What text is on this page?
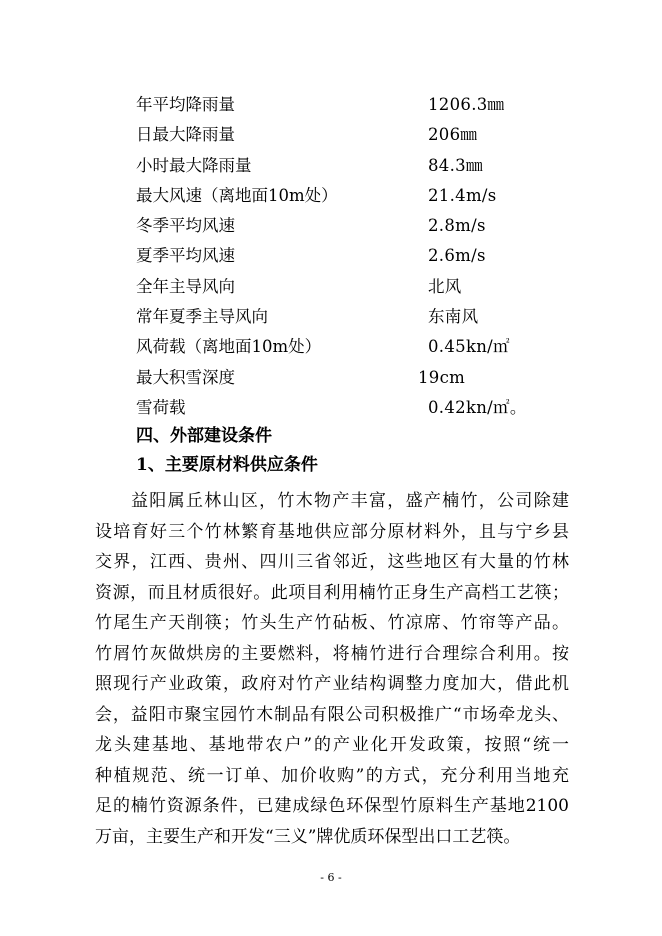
年平均降雨量	1206.3㎜
日最大降雨量	206㎜
小时最大降雨量	84.3㎜
最大风速（离地面10m处）	21.4m/s
冬季平均风速	2.8m/s
夏季平均风速	2.6m/s
全年主导风向	北风
常年夏季主导风向	东南风
风荷载（离地面10m处）	0.45kn/㎡
最大积雪深度	19cm
雪荷载	0.42kn/㎡。
四、外部建设条件
1、主要原材料供应条件

益阳属丘林山区，竹木物产丰富，盛产楠竹，公司除建
设培育好三个竹林繁育基地供应部分原材料外，且与宁乡县
交界，江西、贵州、四川三省邻近，这些地区有大量的竹林
资源，而且材质很好。此项目利用楠竹正身生产高档工艺筷；
竹尾生产天削筷；竹头生产竹砧板、竹凉席、竹帘等产品。
竹屑竹灰做烘房的主要燃料，将楠竹进行合理综合利用。按
照现行产业政策，政府对竹产业结构调整力度加大，借此机
会，益阳市聚宝园竹木制品有限公司积极推广“市场牵龙头、
龙头建基地、基地带农户”的产业化开发政策，按照“统一
种植规范、统一订单、加价收购”的方式，充分利用当地充
足的楠竹资源条件，已建成绿色环保型竹原料生产基地2100
万亩，主要生产和开发“三义”牌优质环保型出口工艺筷。

- 6 -
